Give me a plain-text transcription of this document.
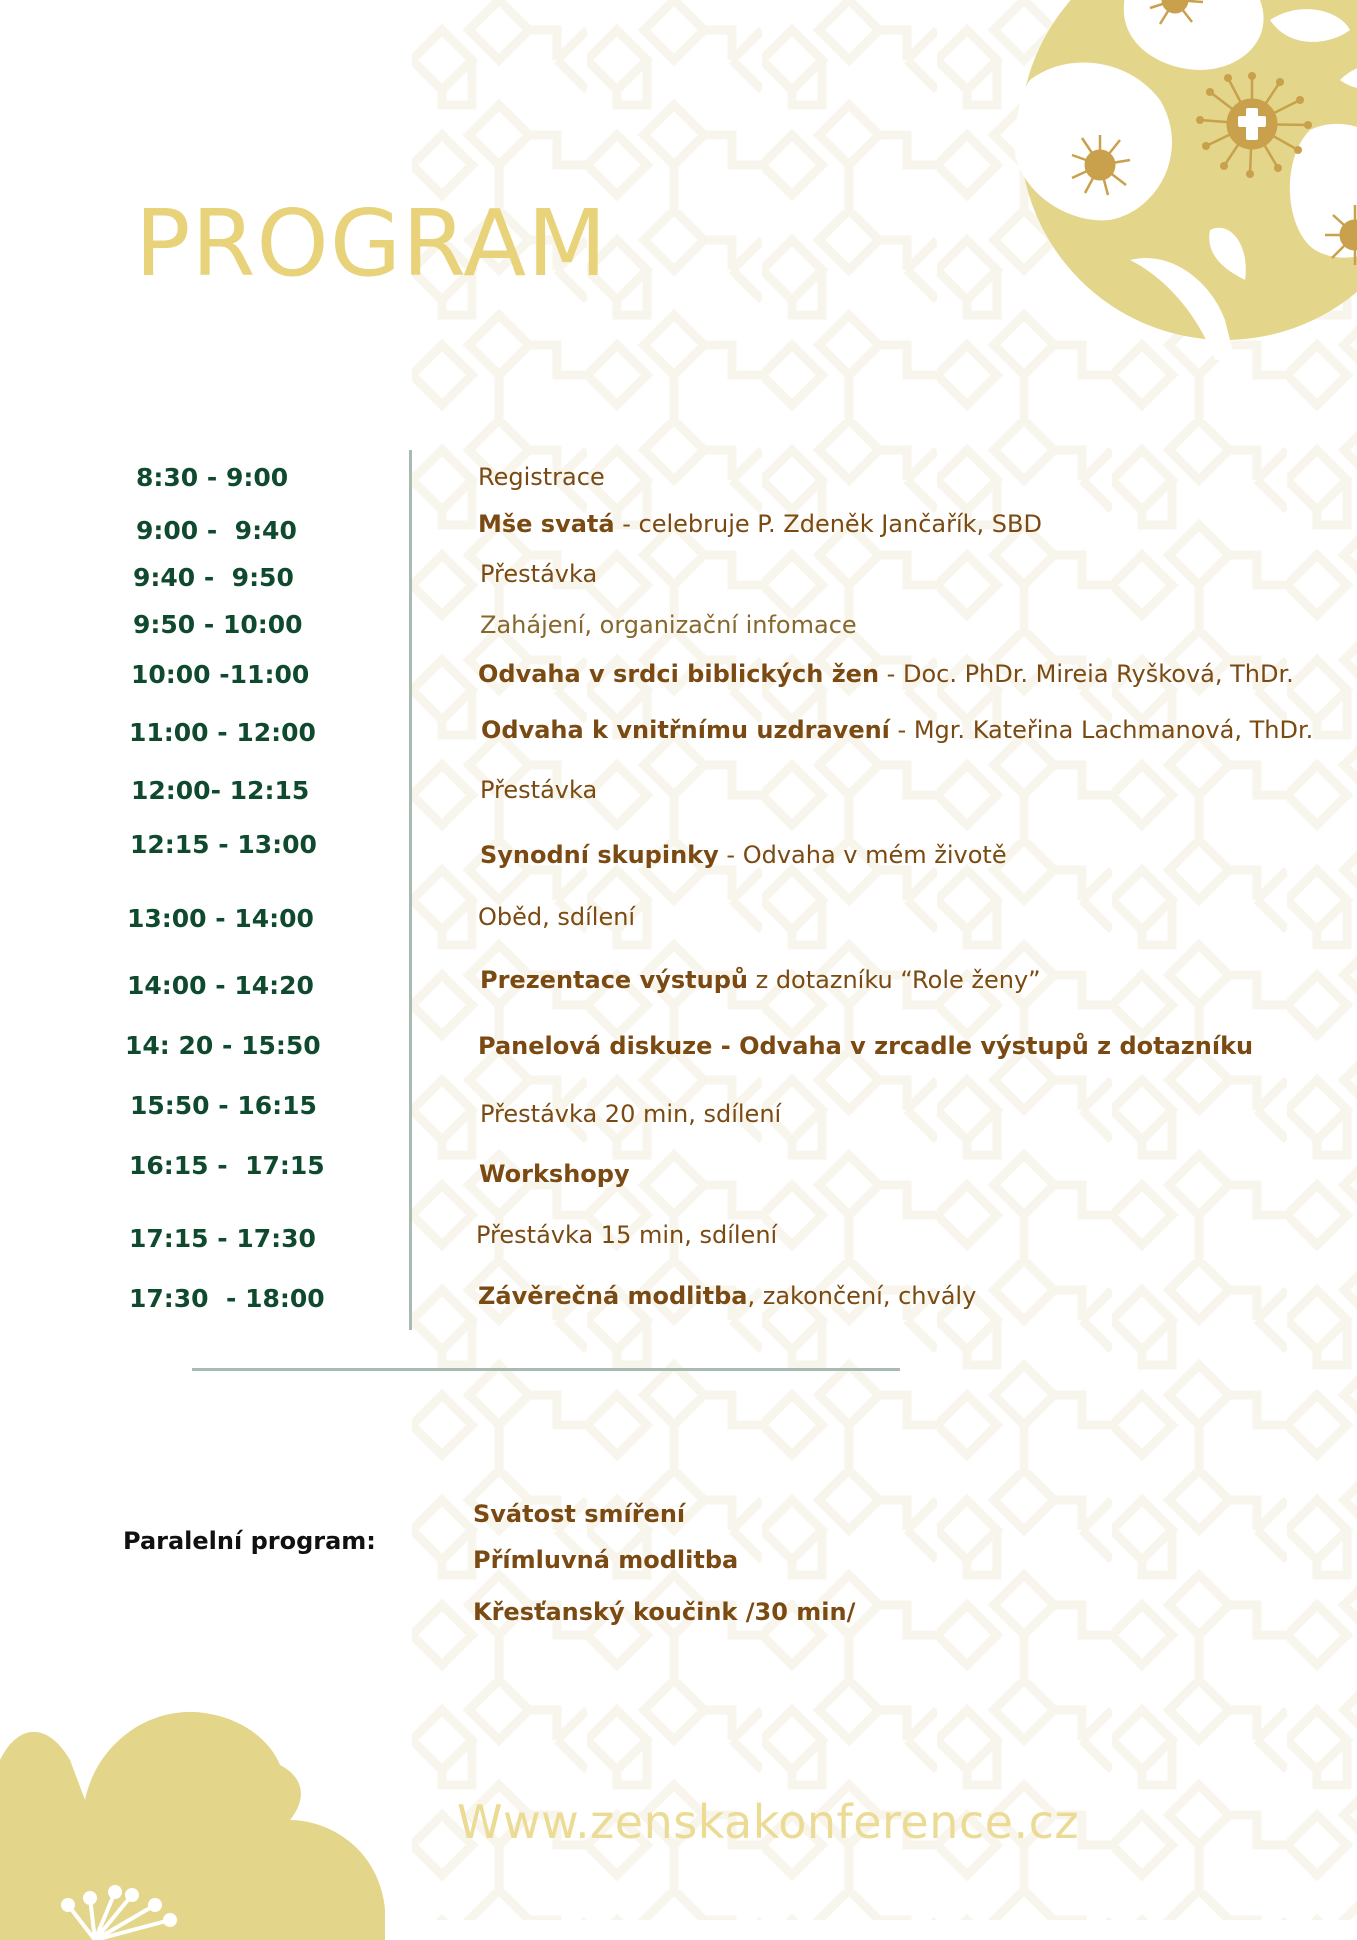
PROGRAM
8:30 - 9:00	Registrace
9:00 -  9:40	Mše svatá - celebruje P. Zdeněk Jančařík, SBD
9:40 -  9:50	Přestávka
9:50 - 10:00	Zahájení, organizační infomace
10:00 -11:00	Odvaha v srdci biblických žen - Doc. PhDr. Mireia Ryšková, ThDr.
11:00 - 12:00	Odvaha k vnitřnímu uzdravení - Mgr. Kateřina Lachmanová, ThDr.
12:00- 12:15	Přestávka
12:15 - 13:00	Synodní skupinky - Odvaha v mém životě
13:00 - 14:00	Oběd, sdílení
14:00 - 14:20	Prezentace výstupů z dotazníku “Role ženy”
14: 20 - 15:50	Panelová diskuze - Odvaha v zrcadle výstupů z dotazníku
15:50 - 16:15	Přestávka 20 min, sdílení
16:15 -  17:15	Workshopy
17:15 - 17:30	Přestávka 15 min, sdílení
17:30  - 18:00	Závěrečná modlitba, zakončení, chvály
Paralelní program:
Svátost smíření
Přímluvná modlitba
Křesťanský koučink /30 min/
Www.zenskakonference.cz
